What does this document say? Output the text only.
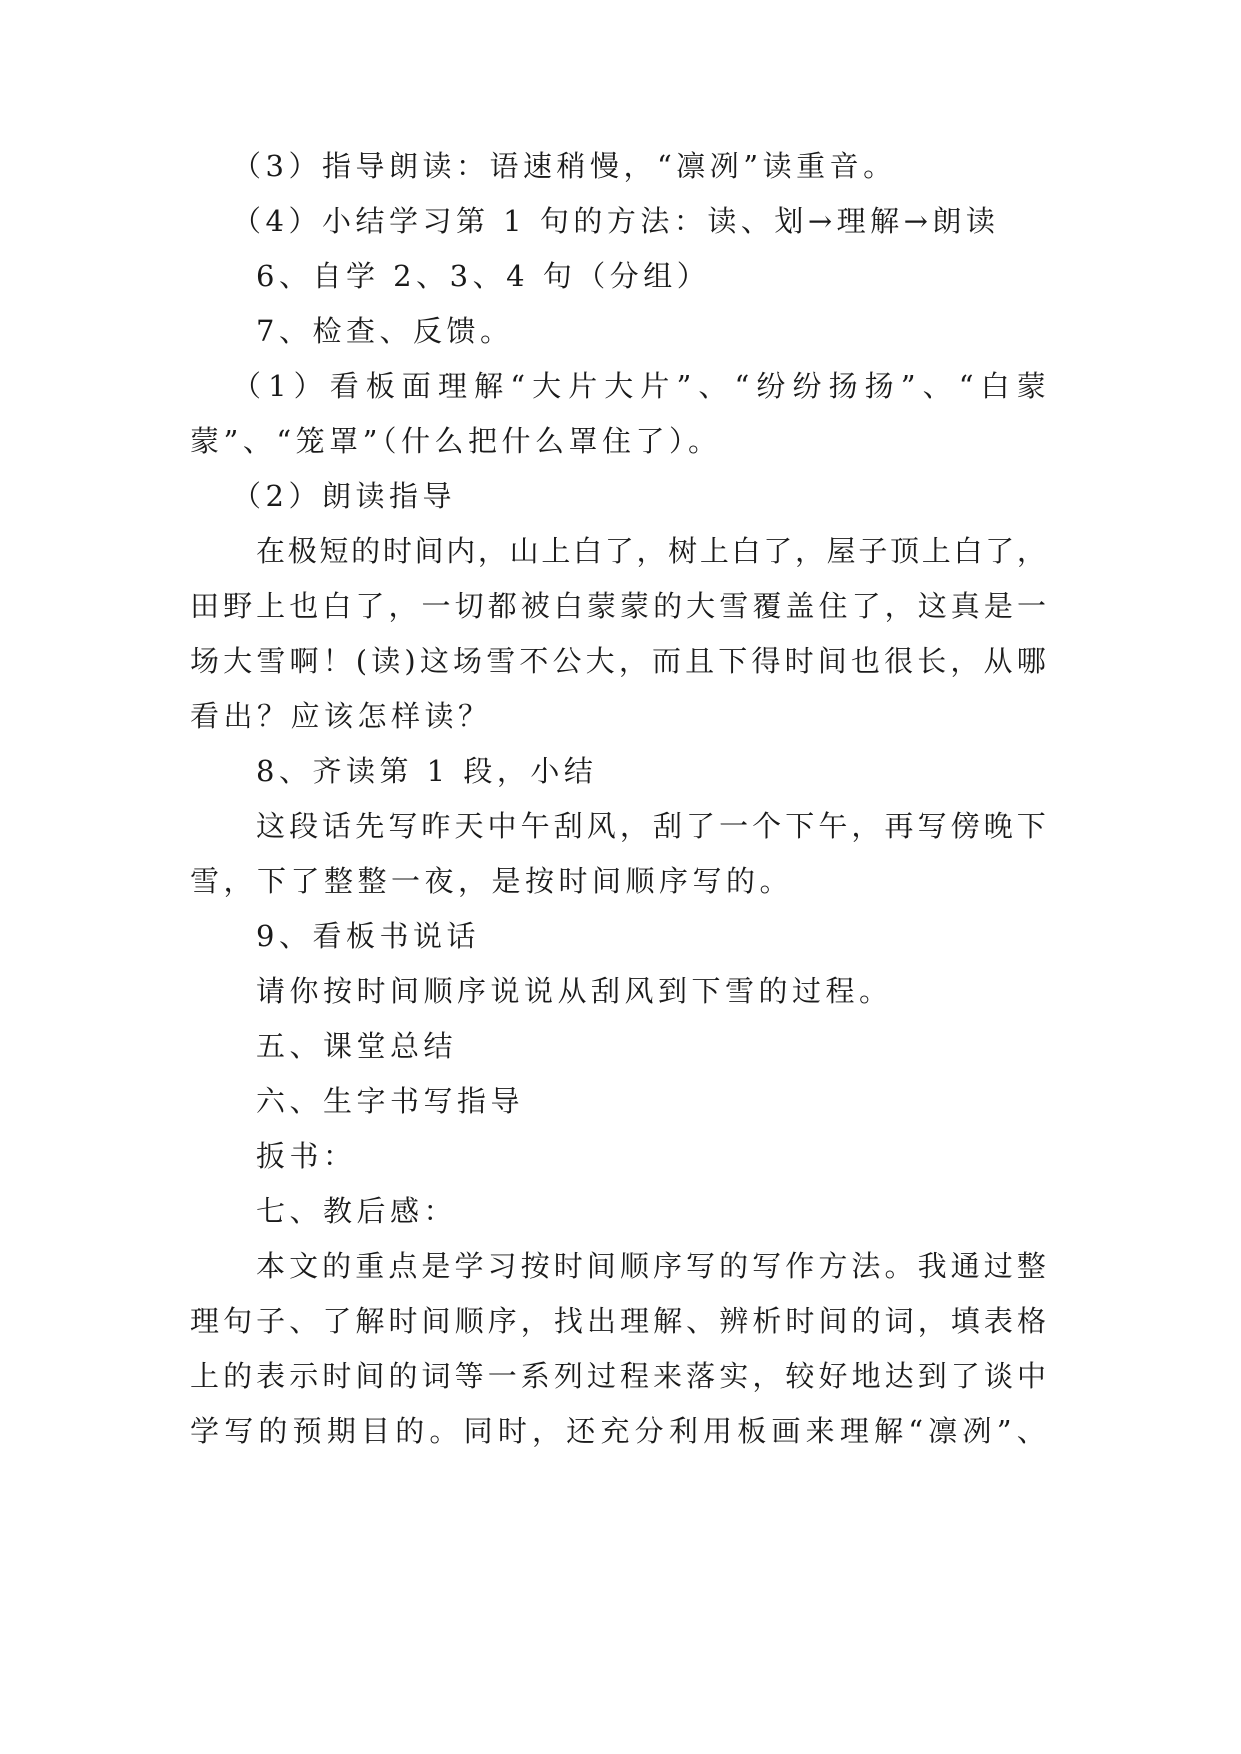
（3）指导朗读：语速稍慢，“凛冽”读重音。
（4）小结学习第 1 句的方法：读、划→理解→朗读
6、自学 2、3、4 句（分组）
7、检查、反馈。
（ 1 ） 看 板 面 理 解 “ 大 片 大 片 ” 、 “ 纷 纷 扬 扬 ” 、 “ 白 蒙
蒙”、“笼罩”（什么把什么罩住了）。
（2）朗读指导
在 极 短 的 时 间 内 ， 山 上 白 了 ， 树 上 白 了 ， 屋 子 顶 上 白 了 ，
田 野 上 也 白 了 ， 一 切 都 被 白 蒙 蒙 的 大 雪 覆 盖 住 了 ， 这 真 是 一
场 大 雪 啊 ！ ( 读 ) 这 场 雪 不 公 大 ， 而 且 下 得 时 间 也 很 长 ， 从 哪
看出？应该怎样读？
8、齐读第 1 段，小结
这 段 话 先 写 昨 天 中 午 刮 风 ， 刮 了 一 个 下 午 ， 再 写 傍 晚 下
雪，下了整整一夜，是按时间顺序写的。
9、看板书说话
请你按时间顺序说说从刮风到下雪的过程。
五、课堂总结
六、生字书写指导
扳书：
七、教后感：
本 文 的 重 点 是 学 习 按 时 间 顺 序 写 的 写 作 方 法 。 我 通 过 整
理 句 子 、 了 解 时 间 顺 序 ， 找 出 理 解 、 辨 析 时 间 的 词 ， 填 表 格
上 的 表 示 时 间 的 词 等 一 系 列 过 程 来 落 实 ， 较 好 地 达 到 了 谈 中
学 写 的 预 期 目 的 。 同 时 ， 还 充 分 利 用 板 画 来 理 解 “ 凛 冽 ” 、
